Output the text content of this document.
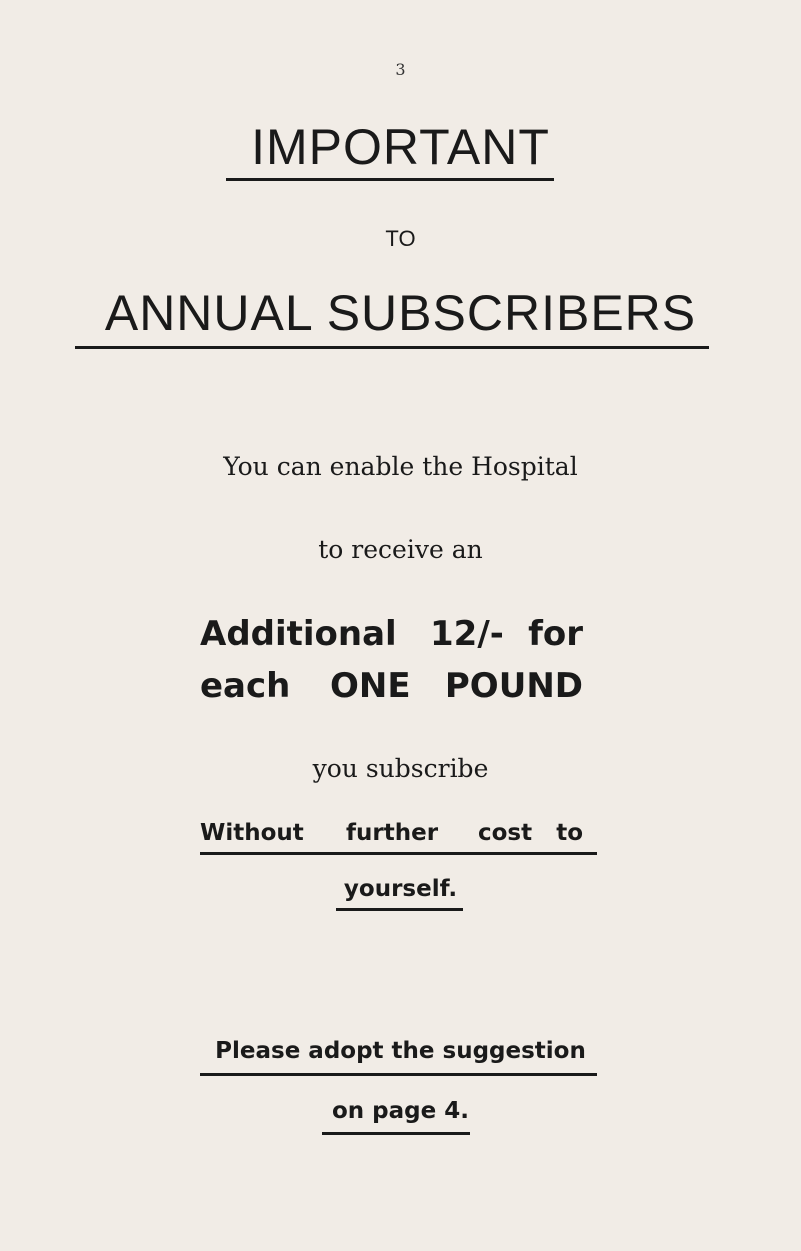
3
IMPORTANT
TO
ANNUAL SUBSCRIBERS
You can enable the Hospital
to receive an
Additional 12/- for
each ONE POUND
you subscribe
Without further cost to
yourself.
Please adopt the suggestion
on page 4.
